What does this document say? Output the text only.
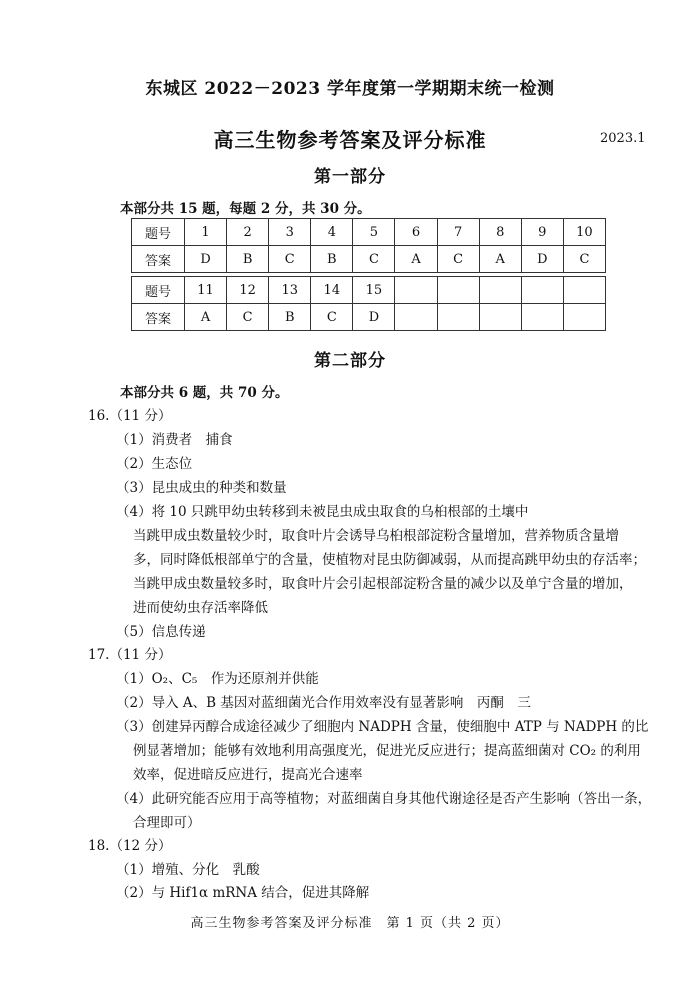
东城区 2022－2023 学年度第一学期期末统一检测
高三生物参考答案及评分标准	2023.1
第一部分
本部分共 15 题，每题 2 分，共 30 分。
题号	1	2	3	4	5	6	7	8	9	10
答案	D	B	C	B	C	A	C	A	D	C

题号	11	12	13	14	15					
答案	A	C	B	C	D					
第二部分
本部分共 6 题，共 70 分。
16.（11 分）
（1）消费者　捕食
（2）生态位
（3）昆虫成虫的种类和数量
（4）将 10 只跳甲幼虫转移到未被昆虫成虫取食的乌桕根部的土壤中
当跳甲成虫数量较少时，取食叶片会诱导乌桕根部淀粉含量增加，营养物质含量增
多，同时降低根部单宁的含量，使植物对昆虫防御减弱，从而提高跳甲幼虫的存活率；
当跳甲成虫数量较多时，取食叶片会引起根部淀粉含量的减少以及单宁含量的增加，
进而使幼虫存活率降低
（5）信息传递
17.（11 分）
（1）O₂、C₅　作为还原剂并供能
（2）导入 A、B 基因对蓝细菌光合作用效率没有显著影响　丙酮　三
（3）创建异丙醇合成途径减少了细胞内 NADPH 含量，使细胞中 ATP 与 NADPH 的比
例显著增加；能够有效地利用高强度光，促进光反应进行；提高蓝细菌对 CO₂ 的利用
效率，促进暗反应进行，提高光合速率
（4）此研究能否应用于高等植物；对蓝细菌自身其他代谢途径是否产生影响（答出一条，
合理即可）
18.（12 分）
（1）增殖、分化　乳酸
（2）与 Hif1α mRNA 结合，促进其降解
高三生物参考答案及评分标准　第 1 页（共 2 页）
